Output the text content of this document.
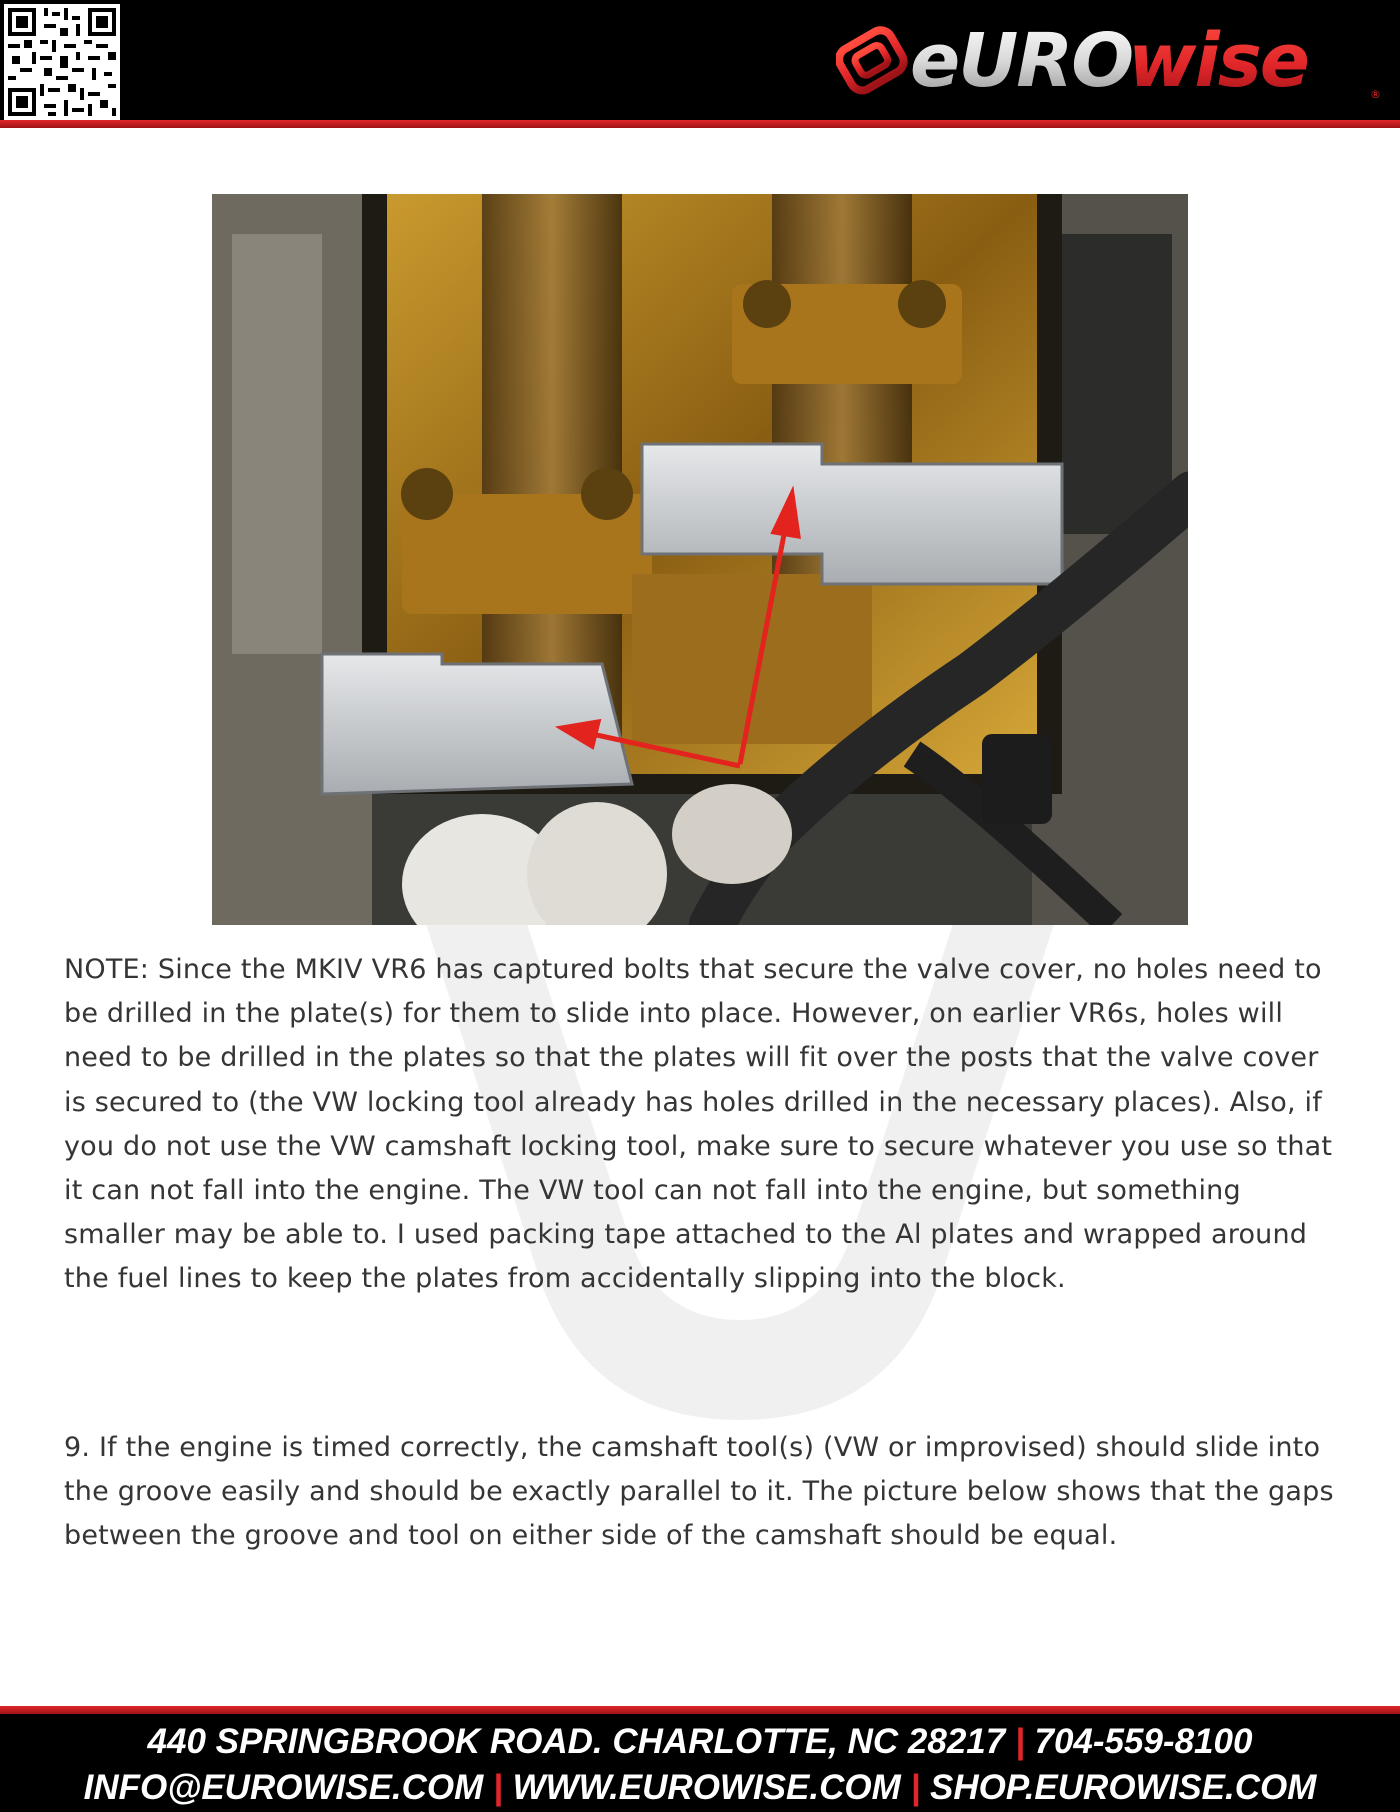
eURO
wise	®

NOTE: Since the MKIV VR6 has captured bolts that secure the valve cover, no holes need to be drilled in the plate(s) for them to slide into place. However, on earlier VR6s, holes will need to be drilled in the plates so that the plates will fit over the posts that the valve cover is secured to (the VW locking tool already has holes drilled in the necessary places). Also, if you do not use the VW camshaft locking tool, make sure to secure whatever you use so that it can not fall into the engine. The VW tool can not fall into the engine, but something smaller may be able to. I used packing tape attached to the Al plates and wrapped around the fuel lines to keep the plates from accidentally slipping into the block.

9. If the engine is timed correctly, the camshaft tool(s) (VW or improvised) should slide into the groove easily and should be exactly parallel to it. The picture below shows that the gaps between the groove and tool on either side of the camshaft should be equal.

440 SPRINGBROOK ROAD. CHARLOTTE, NC 28217 | 704-559-8100
INFO@EUROWISE.COM | WWW.EUROWISE.COM | SHOP.EUROWISE.COM
